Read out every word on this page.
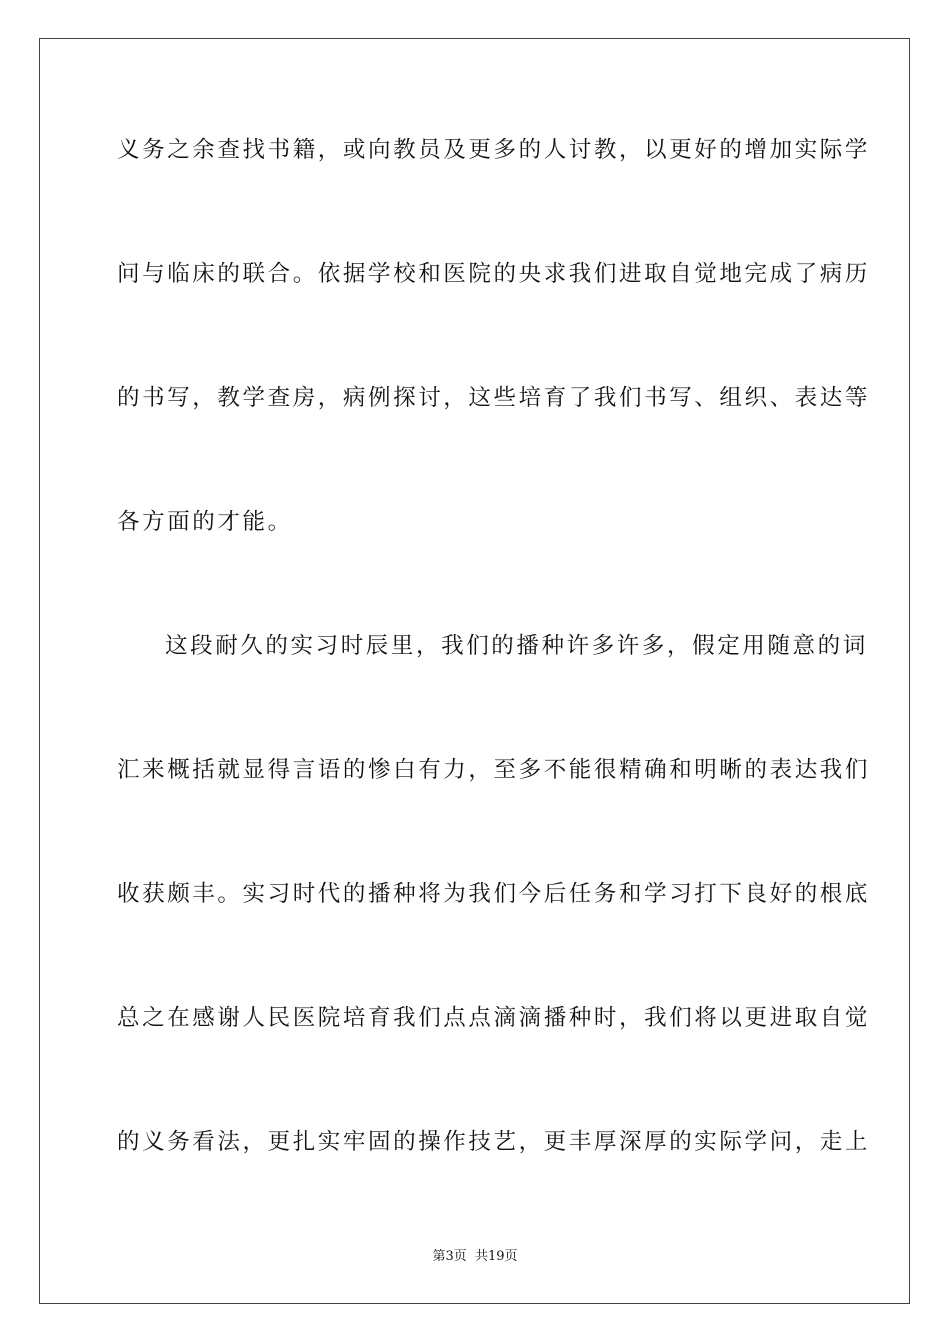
义务之余查找书籍，或向教员及更多的人讨教，以更好的增加实际学
问与临床的联合。依据学校和医院的央求我们进取自觉地完成了病历
的书写，教学查房，病例探讨，这些培育了我们书写、组织、表达等
各方面的才能。
这段耐久的实习时辰里，我们的播种许多许多，假定用随意的词
汇来概括就显得言语的惨白有力，至多不能很精确和明晰的表达我们
收获颇丰。实习时代的播种将为我们今后任务和学习打下良好的根底
总之在感谢人民医院培育我们点点滴滴播种时，我们将以更进取自觉
的义务看法，更扎实牢固的操作技艺，更丰厚深厚的实际学问，走上
第3页  共19页
